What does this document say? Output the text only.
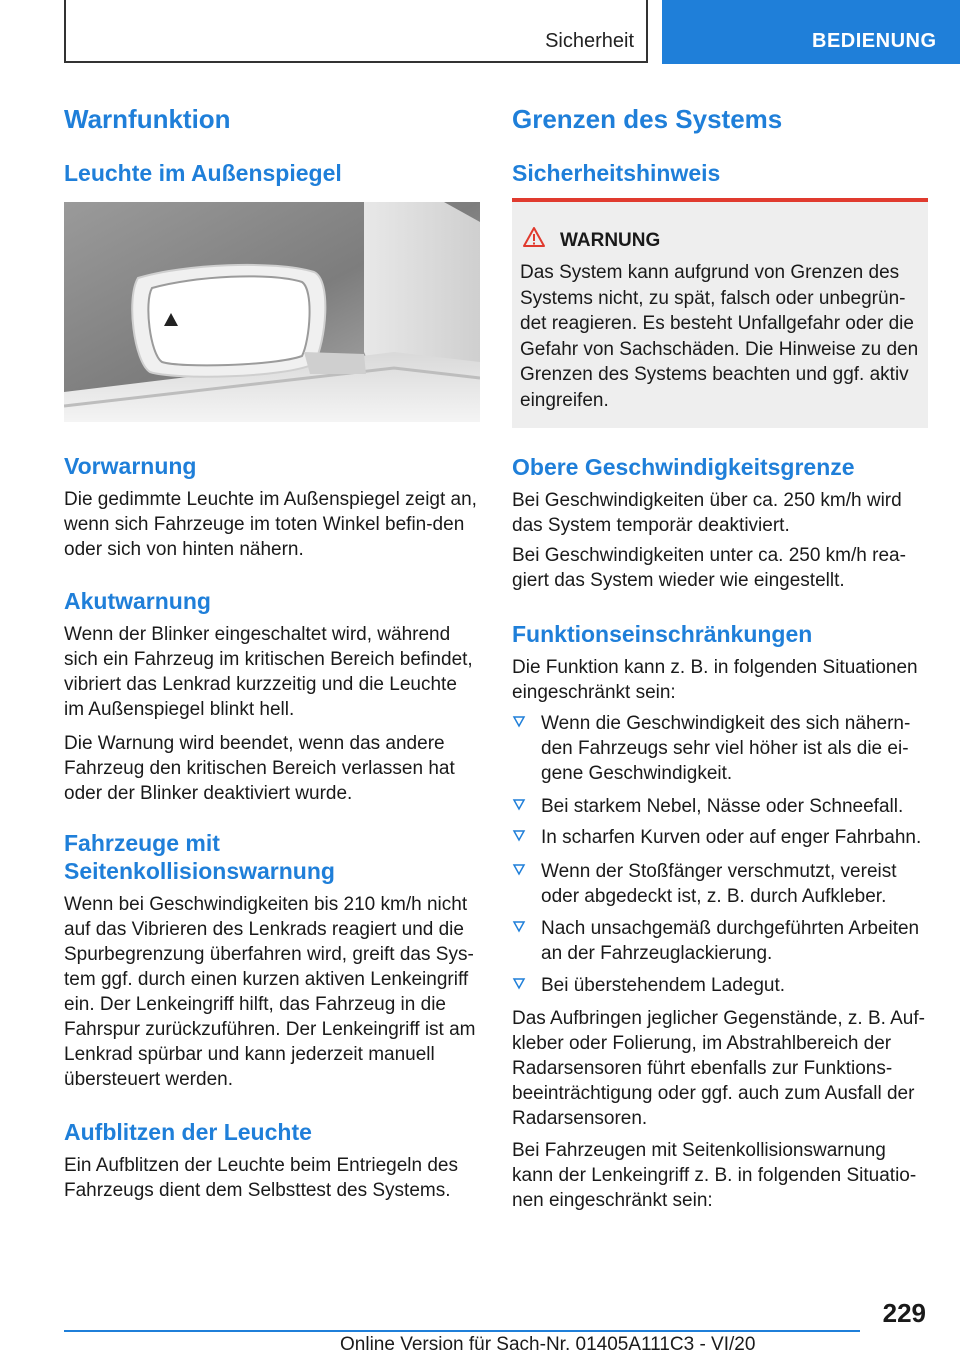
Sicherheit	BEDIENUNG
Warnfunktion
Leuchte im Außenspiegel
Vorwarnung

Die gedimmte Leuchte im Außenspiegel zeigt an, wenn sich Fahrzeuge im toten Winkel befin-den oder sich von hinten nähern.

Akutwarnung

Wenn der Blinker eingeschaltet wird, während sich ein Fahrzeug im kritischen Bereich befindet, vibriert das Lenkrad kurzzeitig und die Leuchte im Außenspiegel blinkt hell.

Die Warnung wird beendet, wenn das andere Fahrzeug den kritischen Bereich verlassen hat oder der Blinker deaktiviert wurde.

Fahrzeuge mit
Seitenkollisionswarnung

Wenn bei Geschwindigkeiten bis 210 km/h nicht auf das Vibrieren des Lenkrads reagiert und die Spurbegrenzung überfahren wird, greift das Sys-tem ggf. durch einen kurzen aktiven Lenkeingriff ein. Der Lenkeingriff hilft, das Fahrzeug in die Fahrspur zurückzuführen. Der Lenkeingriff ist am Lenkrad spürbar und kann jederzeit manuell übersteuert werden.

Aufblitzen der Leuchte

Ein Aufblitzen der Leuchte beim Entriegeln des Fahrzeugs dient dem Selbsttest des Systems.

Grenzen des Systems
Sicherheitshinweis
WARNUNG

Das System kann aufgrund von Grenzen des Systems nicht, zu spät, falsch oder unbegrün-det reagieren. Es besteht Unfallgefahr oder die Gefahr von Sachschäden. Die Hinweise zu den Grenzen des Systems beachten und ggf. aktiv eingreifen.

Obere Geschwindigkeitsgrenze

Bei Geschwindigkeiten über ca. 250 km/h wird das System temporär deaktiviert.

Bei Geschwindigkeiten unter ca. 250 km/h rea-giert das System wieder wie eingestellt.

Funktionseinschränkungen

Die Funktion kann z. B. in folgenden Situationen eingeschränkt sein:

Wenn die Geschwindigkeit des sich nähern-den Fahrzeugs sehr viel höher ist als die ei-gene Geschwindigkeit.

Bei starkem Nebel, Nässe oder Schneefall.

In scharfen Kurven oder auf enger Fahrbahn.

Wenn der Stoßfänger verschmutzt, vereist oder abgedeckt ist, z. B. durch Aufkleber.

Nach unsachgemäß durchgeführten Arbeiten an der Fahrzeuglackierung.

Bei überstehendem Ladegut.

Das Aufbringen jeglicher Gegenstände, z. B. Auf-kleber oder Folierung, im Abstrahlbereich der Radarsensoren führt ebenfalls zur Funktions-beeinträchtigung oder ggf. auch zum Ausfall der Radarsensoren.

Bei Fahrzeugen mit Seitenkollisionswarnung kann der Lenkeingriff z. B. in folgenden Situatio-nen eingeschränkt sein:

229
Online Version für Sach-Nr. 01405A111C3 - VI/20
